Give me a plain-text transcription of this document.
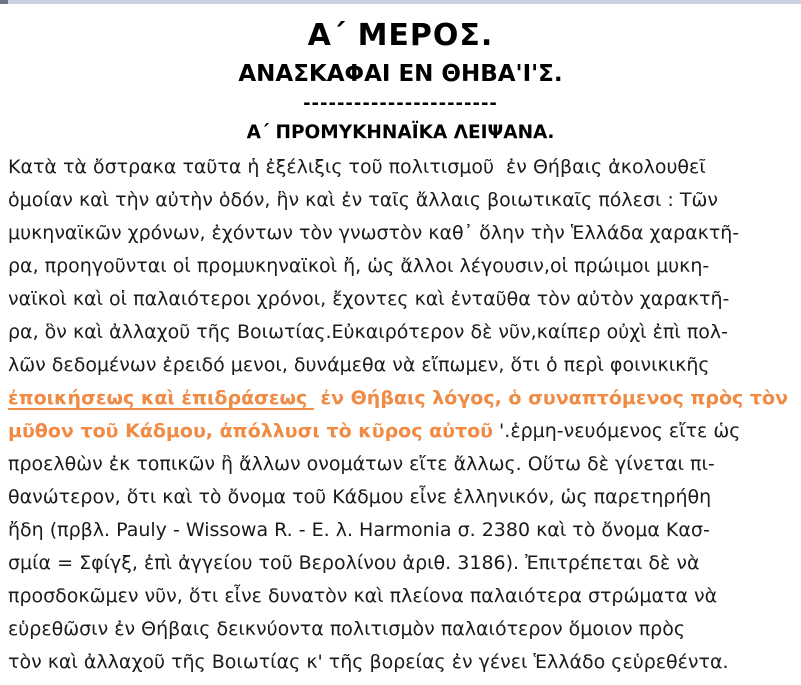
Α΄ ΜΕΡΟΣ.
ΑΝΑΣΚΑΦΑΙ ΕΝ ΘΗΒΑ'Ι'Σ.
-----------------------
Α΄ ΠΡΟΜΥΚΗΝΑΪΚΑ ΛΕΙΨΑΝΑ.
Κατὰ τὰ ὄστρακα ταῦτα ἡ ἐξέλιξις τοῦ πολιτισμοῦ  ἐν Θήβαις ἀκολουθεῖ
ὁμοίαν καὶ τὴν αὐτὴν ὁδόν, ἣν καὶ ἐν ταῖς ἄλλαις βοιωτικαῖς πόλεσι : Τῶν
μυκηναϊκῶν χρόνων, ἐχόντων τὸν γνωστὸν καθ᾽ ὅλην τὴν Ἑλλάδα χαρακτῆ-
ρα, προηγοῦνται οἱ προμυκηναϊκοὶ ἤ, ὡς ἄλλοι λέγουσιν,οἱ πρώιμοι μυκη-
ναϊκοὶ καὶ οἱ παλαιότεροι χρόνοι, ἔχοντες καὶ ἐνταῦθα τὸν αὐτὸν χαρακτῆ-
ρα, ὃν καὶ ἀλλαχοῦ τῆς Βοιωτίας.Εὐκαιρότερον δὲ νῦν,καίπερ οὐχὶ ἐπὶ πολ-
λῶν δεδομένων ἐρειδό μενοι, δυνάμεθα νὰ εἴπωμεν, ὅτι ὁ περὶ φοινικικῆς
ἐποικήσεως καὶ ἐπιδράσεως  ἐν Θήβαις λόγος, ὁ συναπτόμενος πρὸς τὸν
μῦθον τοῦ Κάδμου, ἀπόλλυσι τὸ κῦρος αὐτοῦ '.ἑρμη-νευόμενος εἴτε ὡς
προελθὼν ἐκ τοπικῶν ἢ ἄλλων ονομάτων εἴτε ἄλλως. Οὕτω δὲ γίνεται πι-
θανώτερον, ὅτι καὶ τὸ ὄνομα τοῦ Κάδμου εἶνε ἑλληνικόν, ὡς παρετηρήθη
ἤδη (πρβλ. Pauly - Wissowa R. - E. λ. Harmonia σ. 2380 καὶ τὸ ὄνομα Κασ-
σμία = Σφίγξ, ἐπὶ ἀγγείου τοῦ Βερολίνου ἀριθ. 3186). Ἐπιτρέπεται δὲ νὰ
προσδοκῶμεν νῦν, ὅτι εἶνε δυνατὸν καὶ πλείονα παλαιότερα στρώματα νὰ
εὑρεθῶσιν ἐν Θήβαις δεικνύοντα πολιτισμὸν παλαιότερον ὅμοιον πρὸς
τὸν καὶ ἀλλαχοῦ τῆς Βοιωτίας κ' τῆς βορείας ἐν γένει Ἑλλάδο ςεὑρεθέντα.
